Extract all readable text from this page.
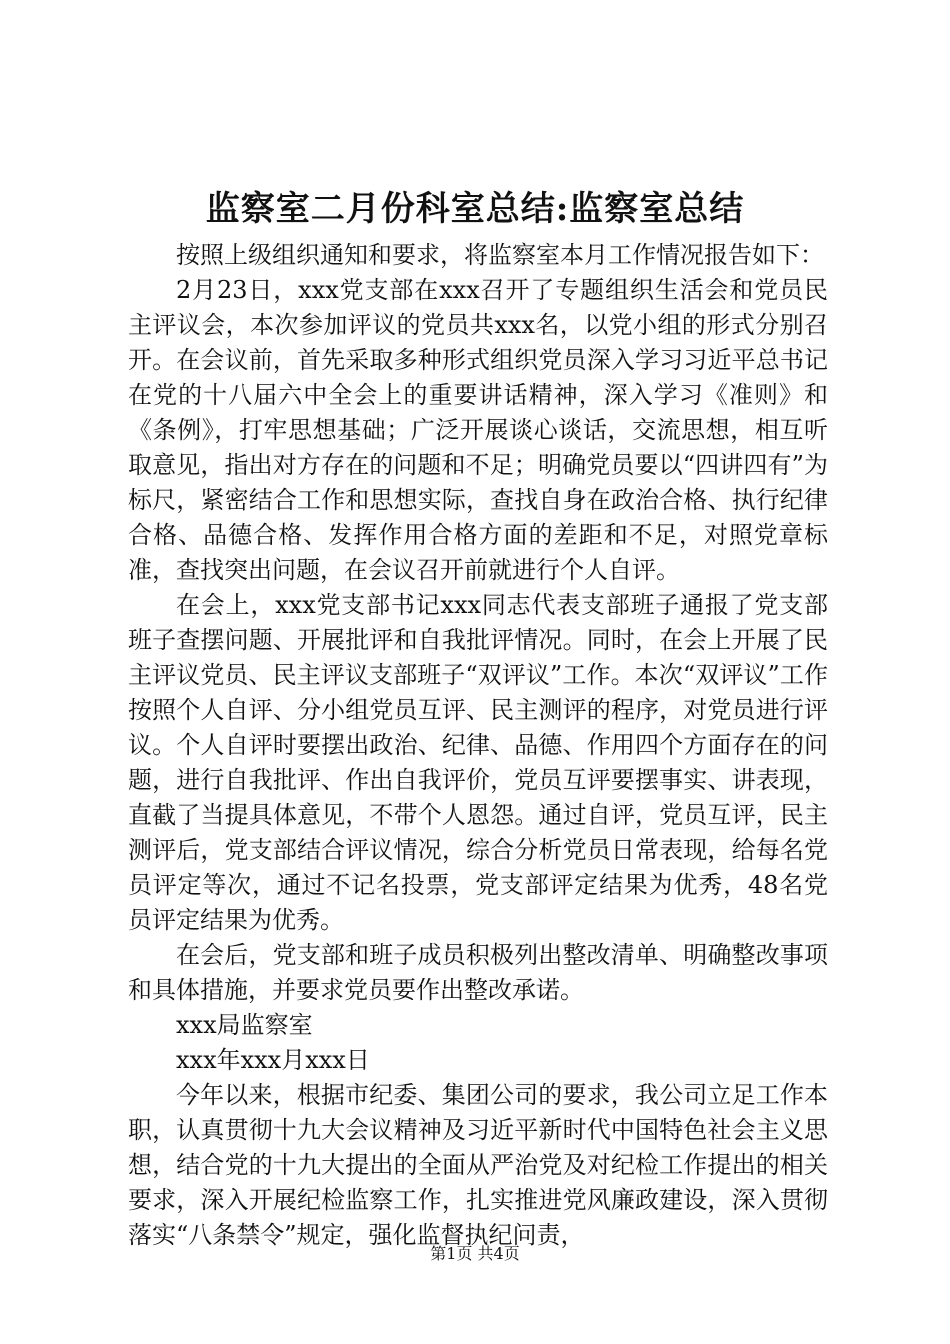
监察室二月份科室总结:监察室总结

按照上级组织通知和要求，将监察室本月工作情况报告如下：

2月23日，xxx党支部在xxx召开了专题组织生活会和党员民主评议会，本次参加评议的党员共xxx名，以党小组的形式分别召开。在会议前，首先采取多种形式组织党员深入学习习近平总书记在党的十八届六中全会上的重要讲话精神，深入学习《准则》和《条例》，打牢思想基础；广泛开展谈心谈话，交流思想，相互听取意见，指出对方存在的问题和不足；明确党员要以“四讲四有”为标尺，紧密结合工作和思想实际，查找自身在政治合格、执行纪律合格、品德合格、发挥作用合格方面的差距和不足，对照党章标准，查找突出问题，在会议召开前就进行个人自评。

在会上，xxx党支部书记xxx同志代表支部班子通报了党支部班子查摆问题、开展批评和自我批评情况。同时，在会上开展了民主评议党员、民主评议支部班子“双评议”工作。本次“双评议”工作按照个人自评、分小组党员互评、民主测评的程序，对党员进行评议。个人自评时要摆出政治、纪律、品德、作用四个方面存在的问题，进行自我批评、作出自我评价，党员互评要摆事实、讲表现，直截了当提具体意见，不带个人恩怨。通过自评，党员互评，民主测评后，党支部结合评议情况，综合分析党员日常表现，给每名党员评定等次，通过不记名投票，党支部评定结果为优秀，48名党员评定结果为优秀。

在会后，党支部和班子成员积极列出整改清单、明确整改事项和具体措施，并要求党员要作出整改承诺。

xxx局监察室

xxx年xxx月xxx日

今年以来，根据市纪委、集团公司的要求，我公司立足工作本职，认真贯彻十九大会议精神及习近平新时代中国特色社会主义思想，结合党的十九大提出的全面从严治党及对纪检工作提出的相关要求，深入开展纪检监察工作，扎实推进党风廉政建设，深入贯彻落实“八条禁令”规定，强化监督执纪问责，

第1页 共4页
